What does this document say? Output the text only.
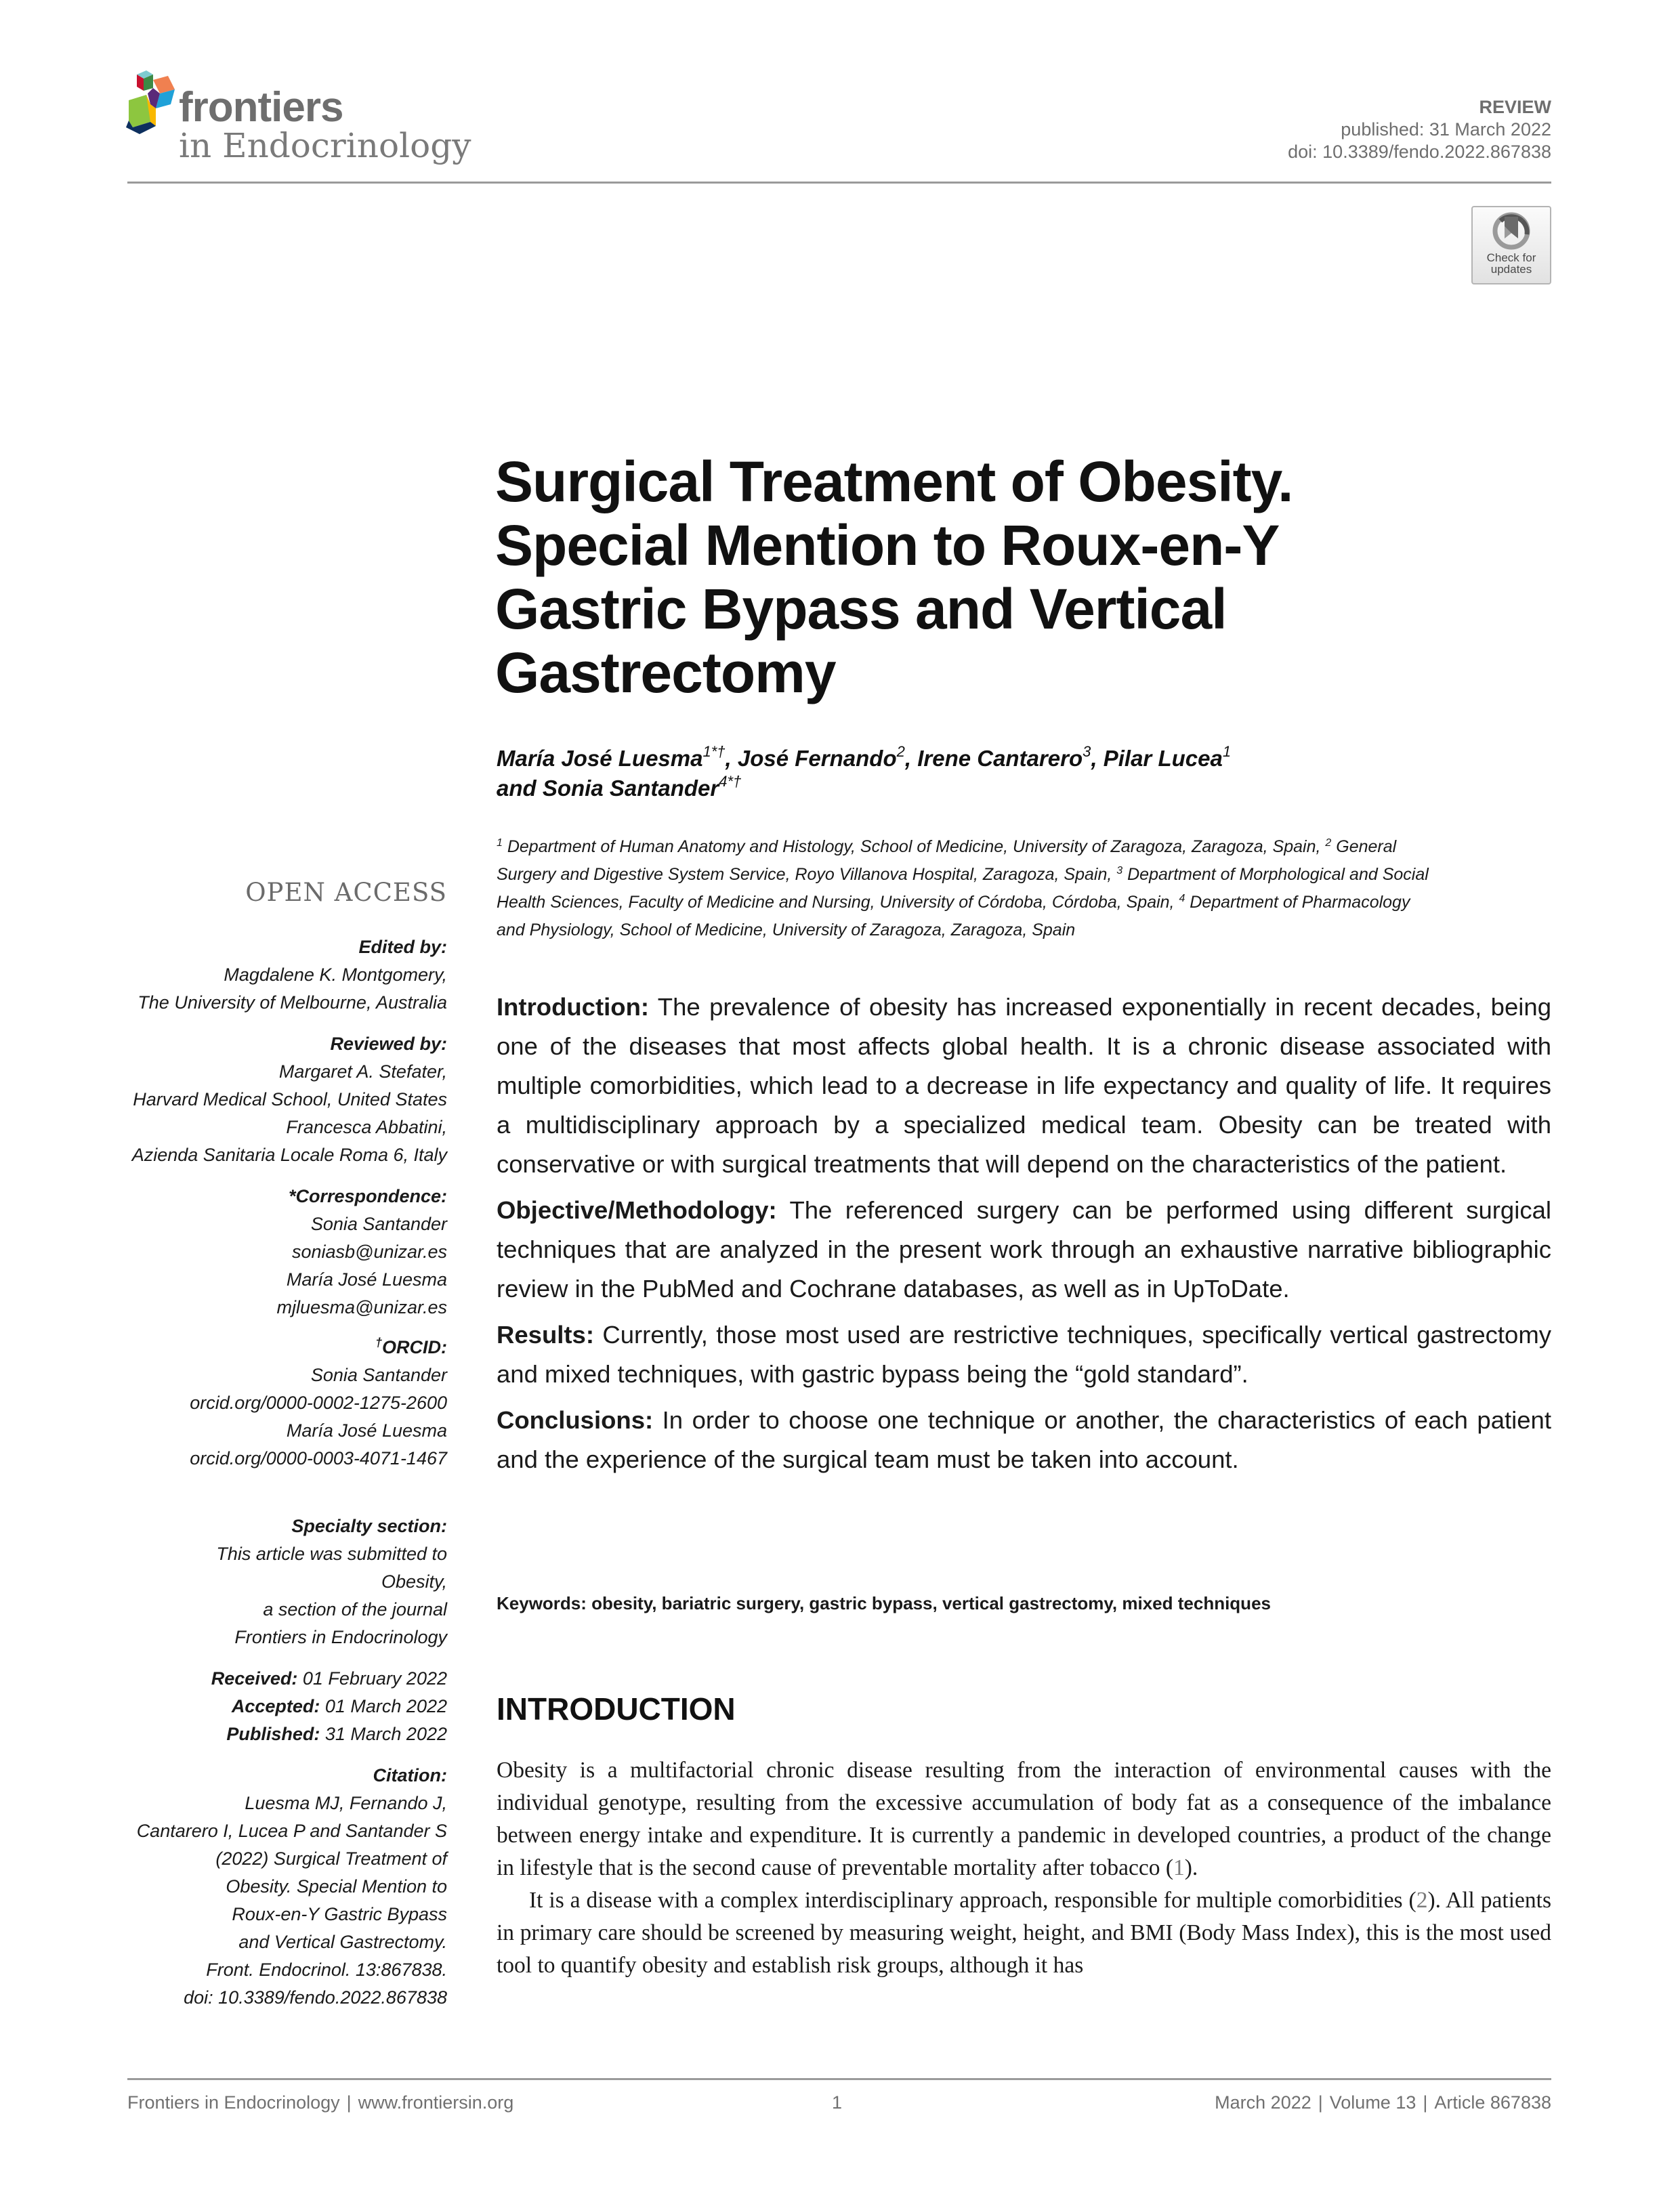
frontiers
in Endocrinology
REVIEW
published: 31 March 2022
doi: 10.3389/fendo.2022.867838
Check for
updates
Surgical Treatment of Obesity.
Special Mention to Roux-en-Y
Gastric Bypass and Vertical
Gastrectomy
María José Luesma$^{1*\dagger}$, José Fernando$^2$, Irene Cantarero$^3$, Pilar Lucea$^1$
and Sonia Santander$^{4*\dagger}$
$^1$ Department of Human Anatomy and Histology, School of Medicine, University of Zaragoza, Zaragoza, Spain, $^2$ General
Surgery and Digestive System Service, Royo Villanova Hospital, Zaragoza, Spain, $^3$ Department of Morphological and Social
Health Sciences, Faculty of Medicine and Nursing, University of Córdoba, Córdoba, Spain, $^4$ Department of Pharmacology
and Physiology, School of Medicine, University of Zaragoza, Zaragoza, Spain
OPEN ACCESS
Edited by:
Magdalene K. Montgomery,
The University of Melbourne, Australia
Reviewed by:
Margaret A. Stefater,
Harvard Medical School, United States
Francesca Abbatini,
Azienda Sanitaria Locale Roma 6, Italy
*Correspondence:
Sonia Santander
soniasb@unizar.es
María José Luesma
mjluesma@unizar.es
†ORCID:
Sonia Santander
orcid.org/0000-0002-1275-2600
María José Luesma
orcid.org/0000-0003-4071-1467
Specialty section:
This article was submitted to
Obesity,
a section of the journal
Frontiers in Endocrinology
Received: 01 February 2022
Accepted: 01 March 2022
Published: 31 March 2022
Citation:
Luesma MJ, Fernando J,
Cantarero I, Lucea P and Santander S
(2022) Surgical Treatment of
Obesity. Special Mention to
Roux-en-Y Gastric Bypass
and Vertical Gastrectomy.
Front. Endocrinol. 13:867838.
doi: 10.3389/fendo.2022.867838

Introduction: The prevalence of obesity has increased exponentially in recent decades, being one of the diseases that most affects global health. It is a chronic disease associated with multiple comorbidities, which lead to a decrease in life expectancy and quality of life. It requires a multidisciplinary approach by a specialized medical team. Obesity can be treated with conservative or with surgical treatments that will depend on the characteristics of the patient.

Objective/Methodology: The referenced surgery can be performed using different surgical techniques that are analyzed in the present work through an exhaustive narrative bibliographic review in the PubMed and Cochrane databases, as well as in UpToDate.

Results: Currently, those most used are restrictive techniques, specifically vertical gastrectomy and mixed techniques, with gastric bypass being the “gold standard”.

Conclusions: In order to choose one technique or another, the characteristics of each patient and the experience of the surgical team must be taken into account.

Keywords: obesity, bariatric surgery, gastric bypass, vertical gastrectomy, mixed techniques
INTRODUCTION

Obesity is a multifactorial chronic disease resulting from the interaction of environmental causes with the individual genotype, resulting from the excessive accumulation of body fat as a consequence of the imbalance between energy intake and expenditure. It is currently a pandemic in developed countries, a product of the change in lifestyle that is the second cause of preventable mortality after tobacco (1).

It is a disease with a complex interdisciplinary approach, responsible for multiple comorbidities (2). All patients in primary care should be screened by measuring weight, height, and BMI (Body Mass Index), this is the most used tool to quantify obesity and establish risk groups, although it has

Frontiers in Endocrinology | www.frontiersin.org	1	March 2022 | Volume 13 | Article 867838
